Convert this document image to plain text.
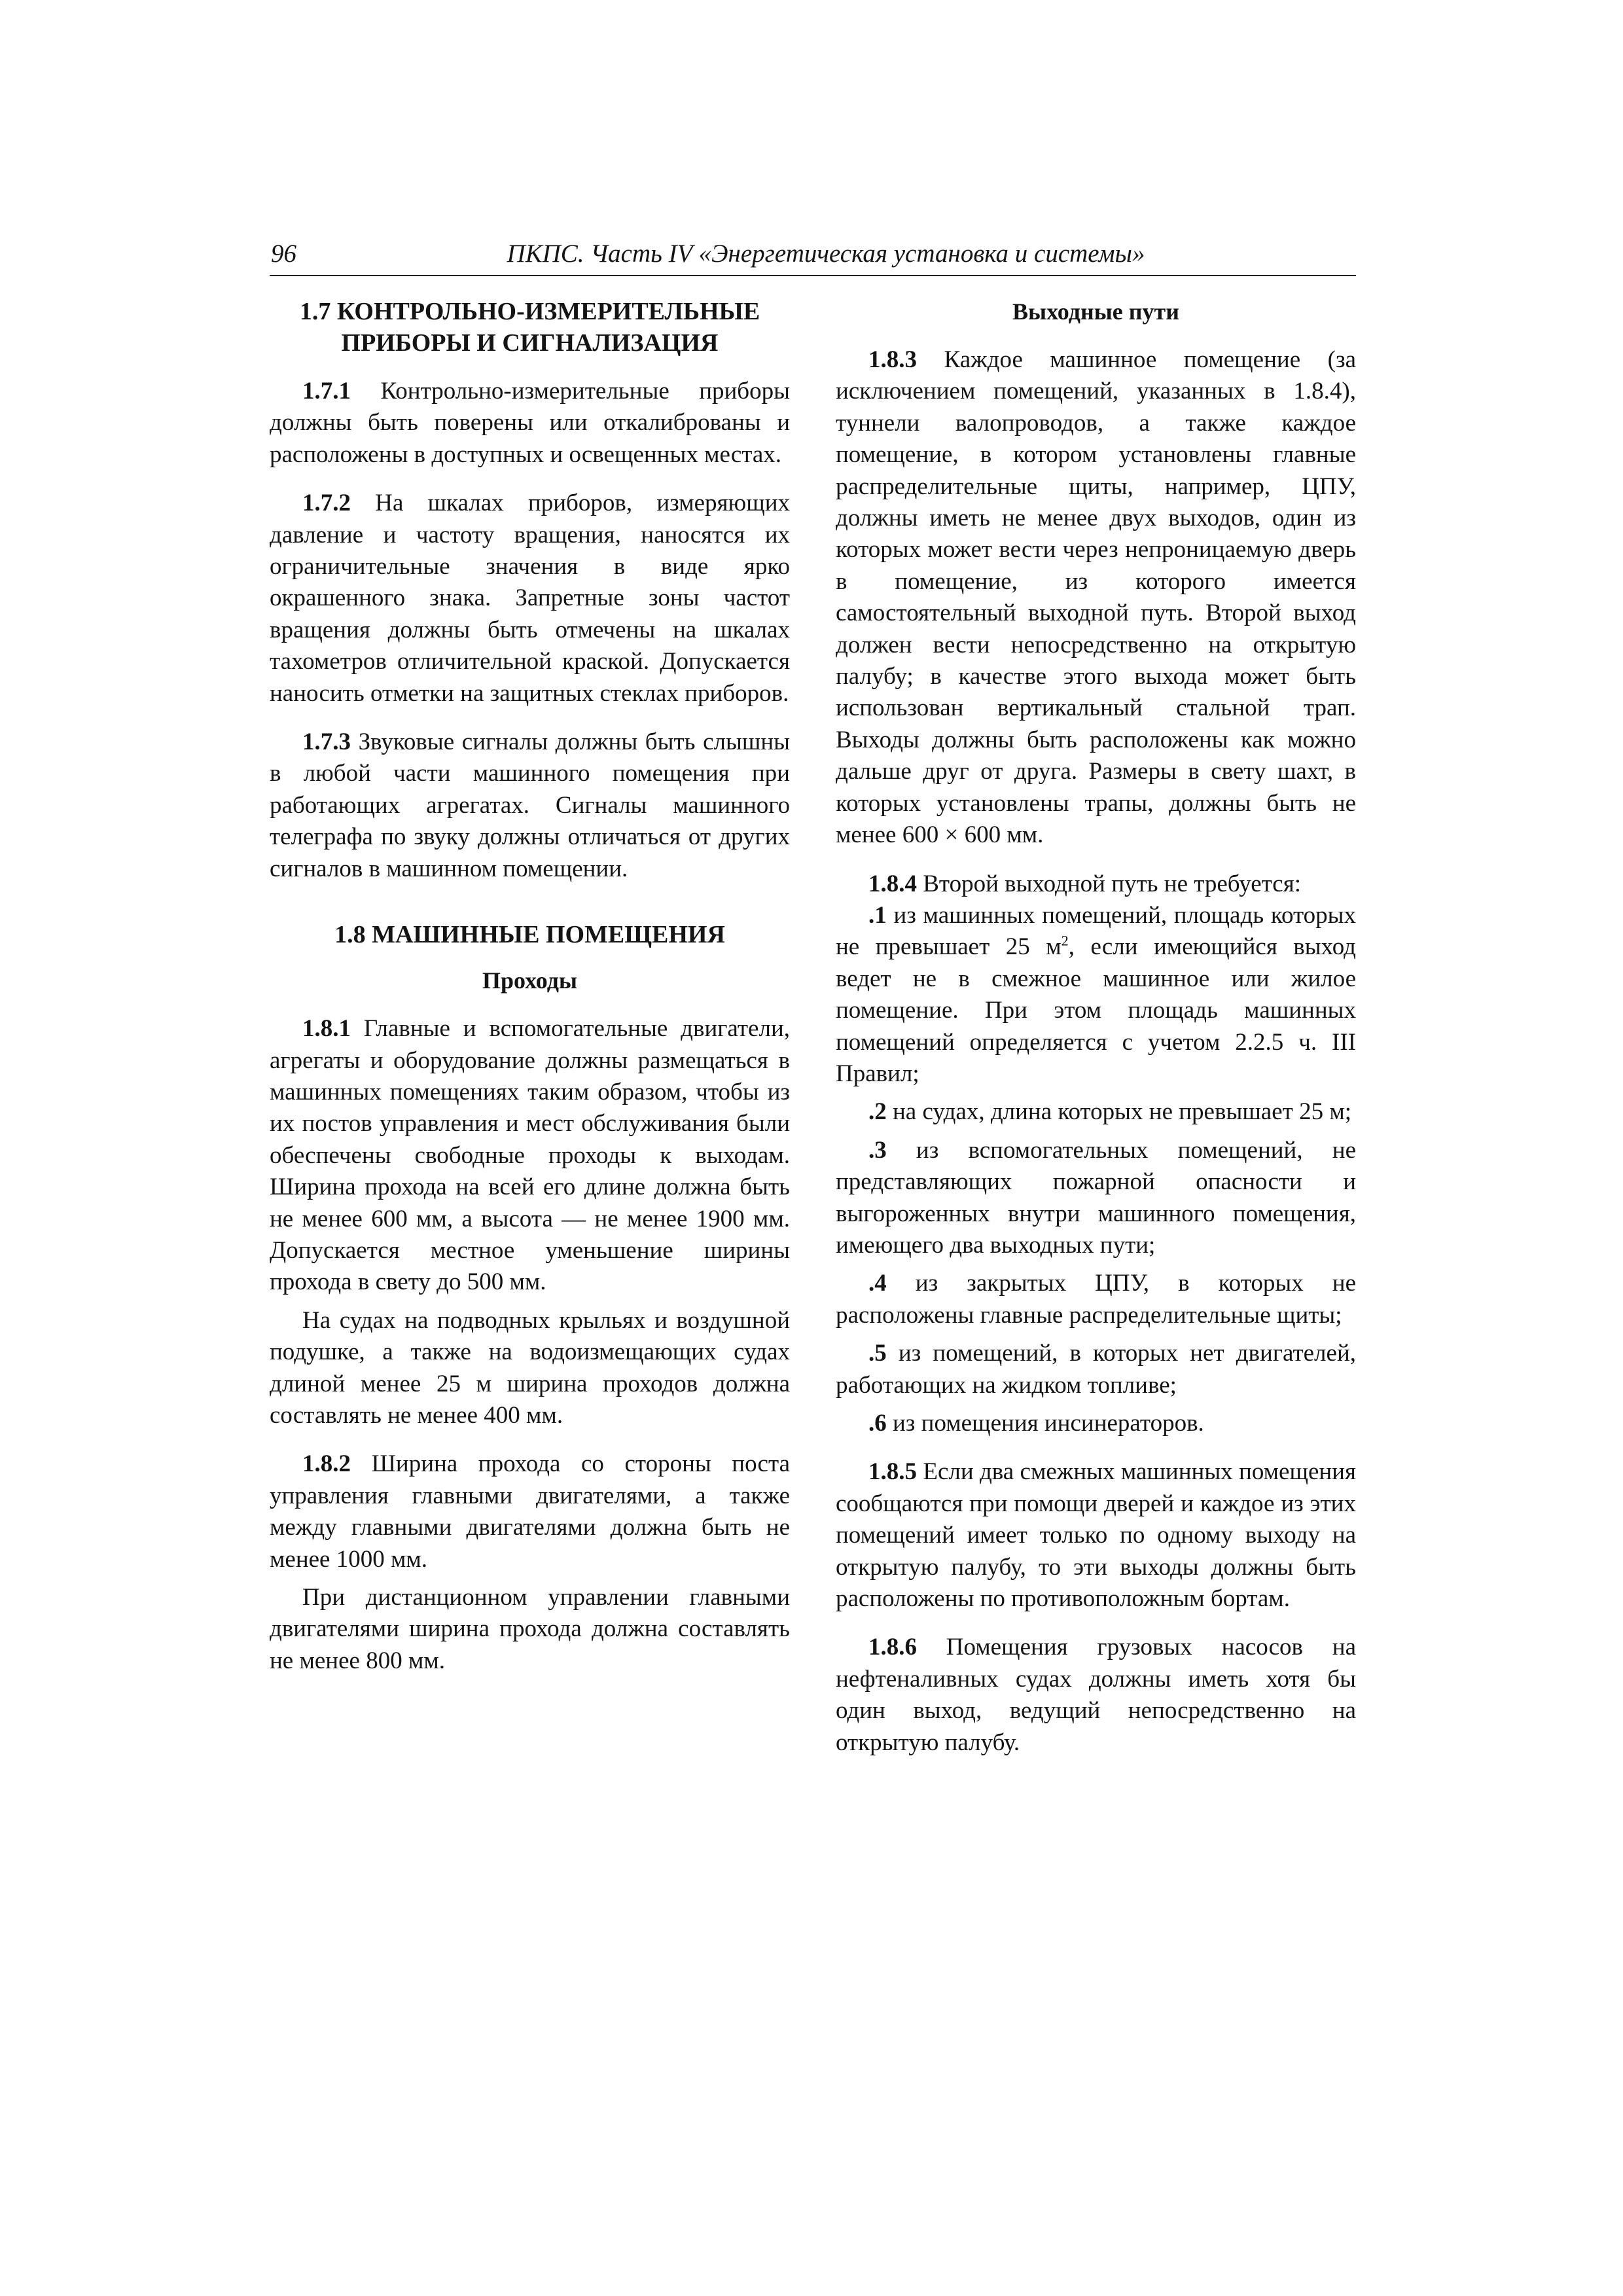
96	ПКПС. Часть IV «Энергетическая установка и системы»
1.7 КОНТРОЛЬНО-ИЗМЕРИТЕЛЬНЫЕ
ПРИБОРЫ И СИГНАЛИЗАЦИЯ

1.7.1 Контрольно-измерительные приборы должны быть поверены или откалиброваны и расположены в доступных и освещенных местах.

1.7.2 На шкалах приборов, измеряющих давление и частоту вращения, наносятся их ограничительные значения в виде ярко окрашенного знака. Запретные зоны частот вращения должны быть отмечены на шкалах тахометров отличительной краской. Допускается наносить отметки на защитных стеклах приборов.

1.7.3 Звуковые сигналы должны быть слышны в любой части машинного помещения при работающих агрегатах. Сигналы машинного телеграфа по звуку должны отличаться от других сигналов в машинном помещении.

1.8 МАШИННЫЕ ПОМЕЩЕНИЯ
Проходы

1.8.1 Главные и вспомогательные двигатели, агрегаты и оборудование должны размещаться в машинных помещениях таким образом, чтобы из их постов управления и мест обслуживания были обеспечены свободные проходы к выходам. Ширина прохода на всей его длине должна быть не менее 600 мм, а высота — не менее 1900 мм. Допускается местное уменьшение ширины прохода в свету до 500 мм.

На судах на подводных крыльях и воздушной подушке, а также на водоизмещающих судах длиной менее 25 м ширина проходов должна составлять не менее 400 мм.

1.8.2 Ширина прохода со стороны поста управления главными двигателями, а также между главными двигателями должна быть не менее 1000 мм.

При дистанционном управлении главными двигателями ширина прохода должна составлять не менее 800 мм.

Выходные пути

1.8.3 Каждое машинное помещение (за исключением помещений, указанных в 1.8.4), туннели валопроводов, а также каждое помещение, в котором установлены главные распределительные щиты, например, ЦПУ, должны иметь не менее двух выходов, один из которых может вести через непроницаемую дверь в помещение, из которого имеется самостоятельный выходной путь. Второй выход должен вести непосредственно на открытую палубу; в качестве этого выхода может быть использован вертикальный стальной трап. Выходы должны быть расположены как можно дальше друг от друга. Размеры в свету шахт, в которых установлены трапы, должны быть не менее 600 × 600 мм.

1.8.4 Второй выходной путь не требуется:

.1 из машинных помещений, площадь которых не превышает 25 $м^2$, если имеющийся выход ведет не в смежное машинное или жилое помещение. При этом площадь машинных помещений определяется с учетом 2.2.5 ч. III Правил;

.2 на судах, длина которых не превышает 25 м;

.3 из вспомогательных помещений, не представляющих пожарной опасности и выгороженных внутри машинного помещения, имеющего два выходных пути;

.4 из закрытых ЦПУ, в которых не расположены главные распределительные щиты;

.5 из помещений, в которых нет двигателей, работающих на жидком топливе;

.6 из помещения инсинераторов.

1.8.5 Если два смежных машинных помещения сообщаются при помощи дверей и каждое из этих помещений имеет только по одному выходу на открытую палубу, то эти выходы должны быть расположены по противоположным бортам.

1.8.6 Помещения грузовых насосов на нефтеналивных судах должны иметь хотя бы один выход, ведущий непосредственно на открытую палубу.
